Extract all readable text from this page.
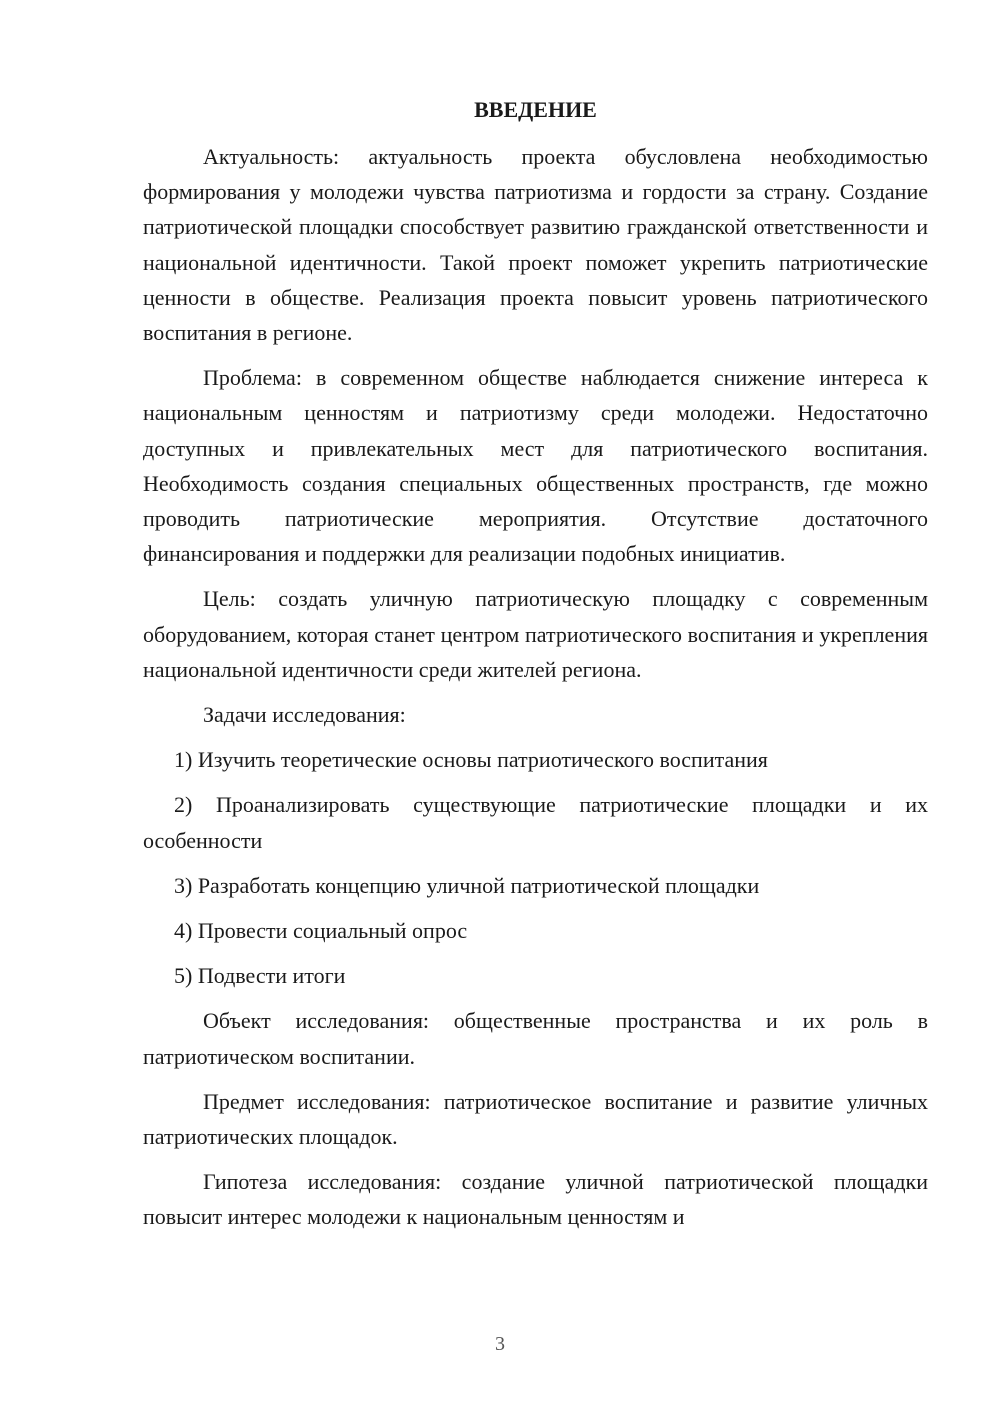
ВВЕДЕНИЕ

Актуальность: актуальность проекта обусловлена необходимостью формирования у молодежи чувства патриотизма и гордости за страну. Создание патриотической площадки способствует развитию гражданской ответственности и национальной идентичности. Такой проект поможет укрепить патриотические ценности в обществе. Реализация проекта повысит уровень патриотического воспитания в регионе.

Проблема: в современном обществе наблюдается снижение интереса к национальным ценностям и патриотизму среди молодежи. Недостаточно доступных и привлекательных мест для патриотического воспитания. Необходимость создания специальных общественных пространств, где можно проводить патриотические мероприятия. Отсутствие достаточного финансирования и поддержки для реализации подобных инициатив.

Цель: создать уличную патриотическую площадку с современным оборудованием, которая станет центром патриотического воспитания и укрепления национальной идентичности среди жителей региона.

Задачи исследования:

1) Изучить теоретические основы патриотического воспитания

2) Проанализировать существующие патриотические площадки и их особенности

3) Разработать концепцию уличной патриотической площадки

4) Провести социальный опрос

5) Подвести итоги

Объект исследования: общественные пространства и их роль в патриотическом воспитании.

Предмет исследования: патриотическое воспитание и развитие уличных патриотических площадок.

Гипотеза исследования: создание уличной патриотической площадки повысит интерес молодежи к национальным ценностям и

3
